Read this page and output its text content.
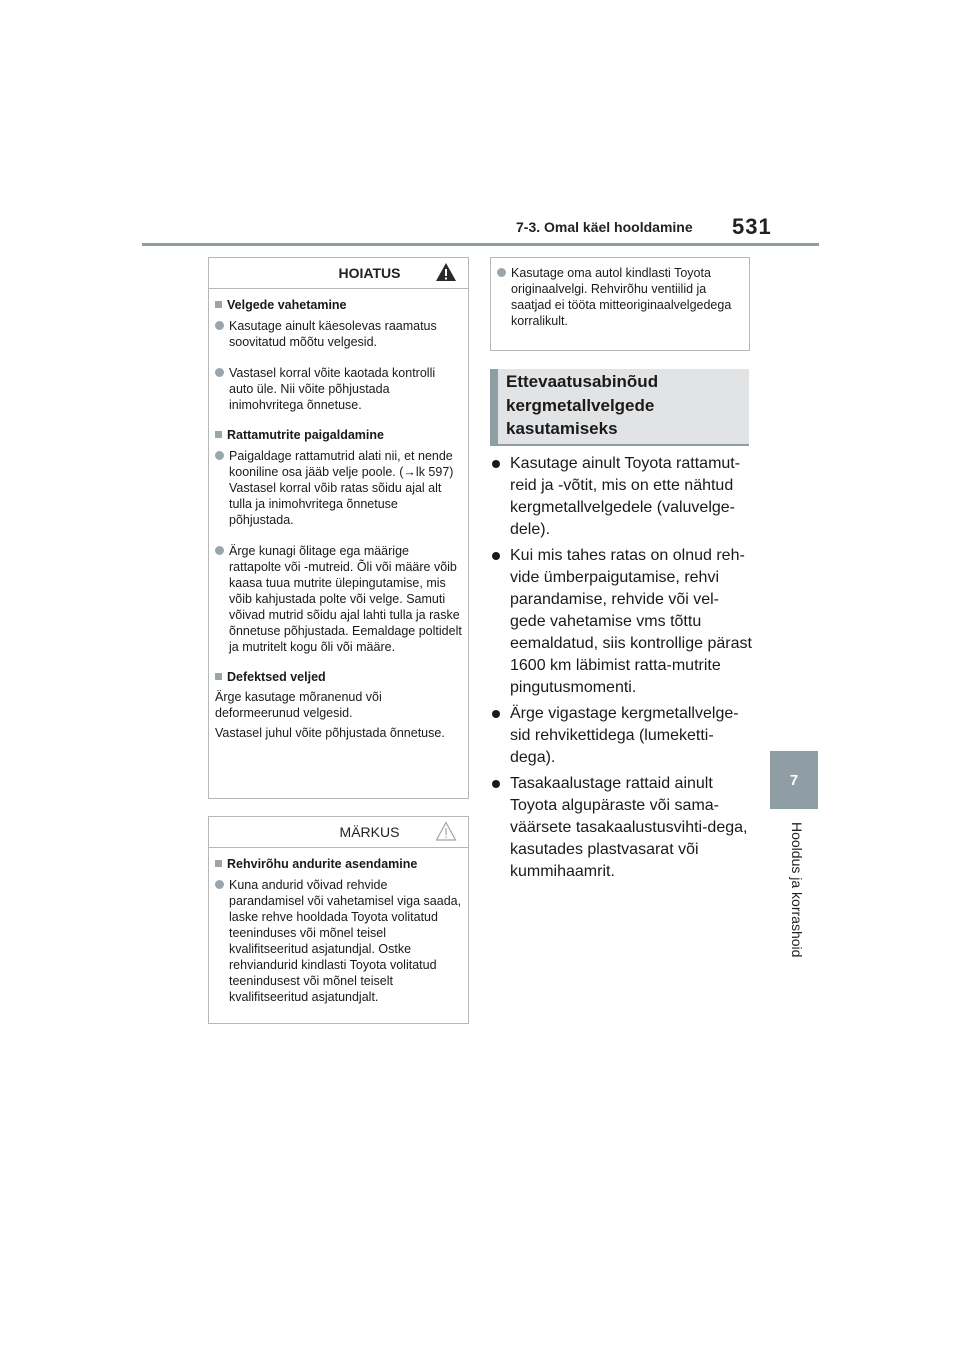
7-3. Omal käel hooldamine 531
7
Hooldus ja korrashoid
HOIATUS
Velgede vahetamine
Kasutage ainult käesolevas raamatus soovitatud mõõtu velgesid.
Vastasel korral võite kaotada kontrolli auto üle. Nii võite põhjustada inimohvritega õnnetuse.
Rattamutrite paigaldamine
Paigaldage rattamutrid alati nii, et nende kooniline osa jääb velje poole. (→lk 597) Vastasel korral võib ratas sõidu ajal alt tulla ja inimohvritega õnnetuse põhjustada.
Ärge kunagi õlitage ega määrige rattapolte või -mutreid. Õli või määre võib kaasa tuua mutrite ülepingutamise, mis võib kahjustada polte või velge. Samuti võivad mutrid sõidu ajal lahti tulla ja raske õnnetuse põhjustada. Eemaldage poltidelt ja mutritelt kogu õli või määre.
Defektsed veljed
Ärge kasutage mõranenud või deformeerunud velgesid.
Vastasel juhul võite põhjustada õnnetuse.
MÄRKUS
Rehvirõhu andurite asendamine
Kuna andurid võivad rehvide parandamisel või vahetamisel viga saada, laske rehve hooldada Toyota volitatud teeninduses või mõnel teisel kvalifitseeritud asjatundjal. Ostke rehviandurid kindlasti Toyota volitatud teenindusest või mõnel teiselt kvalifitseeritud asjatundjalt.
Kasutage oma autol kindlasti Toyota originaalvelgi. Rehvirõhu ventiilid ja saatjad ei tööta mitteoriginaalvelgedega korralikult.
Ettevaatusabinõud kergmetallvelgede kasutamiseks
Kasutage ainult Toyota rattamut-reid ja -võtit, mis on ette nähtud kergmetallvelgedele (valuvelge-dele).
Kui mis tahes ratas on olnud reh-vide ümberpaigutamise, rehvi parandamise, rehvide või vel-gede vahetamise vms tõttu eemaldatud, siis kontrollige pärast 1600 km läbimist ratta-mutrite pingutusmomenti.
Ärge vigastage kergmetallvelge-sid rehvikettidega (lumeketti-dega).
Tasakaalustage rattaid ainult Toyota algupäraste või sama-väärsete tasakaalustusvihti-dega, kasutades plastvasarat või kummihaamrit.
